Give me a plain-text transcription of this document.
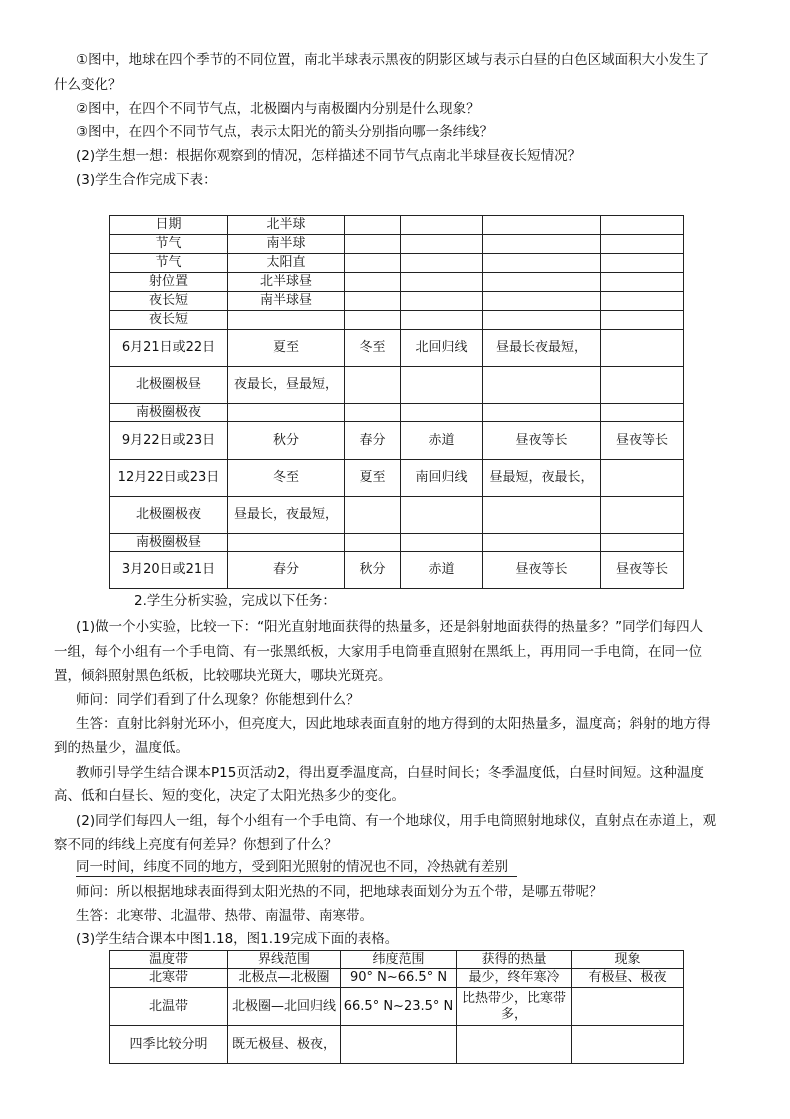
①图中，地球在四个季节的不同位置，南北半球表示黑夜的阴影区域与表示白昼的白色区域面积大小发生了
什么变化？
②图中，在四个不同节气点，北极圈内与南极圈内分别是什么现象？
③图中，在四个不同节气点，表示太阳光的箭头分别指向哪一条纬线？
(2)学生想一想：根据你观察到的情况，怎样描述不同节气点南北半球昼夜长短情况？
(3)学生合作完成下表：
日期	北半球				
节气	南半球				
节气	太阳直				
射位置	北半球昼				
夜长短	南半球昼				
夜长短					
6月21日或22日	夏至	冬至	北回归线	昼最长夜最短，	
北极圈极昼	夜最长，昼最短，				
南极圈极夜					
9月22日或23日	秋分	春分	赤道	昼夜等长	昼夜等长
12月22日或23日	冬至	夏至	南回归线	昼最短，夜最长，	
北极圈极夜	昼最长，夜最短，				
南极圈极昼					
3月20日或21日	春分	秋分	赤道	昼夜等长	昼夜等长
2.学生分析实验，完成以下任务：
(1)做一个小实验，比较一下：“阳光直射地面获得的热量多，还是斜射地面获得的热量多？”同学们每四人
一组，每个小组有一个手电筒、有一张黑纸板，大家用手电筒垂直照射在黑纸上，再用同一手电筒，在同一位
置，倾斜照射黑色纸板，比较哪块光斑大，哪块光斑亮。
师问：同学们看到了什么现象？你能想到什么？
生答：直射比斜射光环小，但亮度大，因此地球表面直射的地方得到的太阳热量多，温度高；斜射的地方得
到的热量少，温度低。
教师引导学生结合课本P15页活动2，得出夏季温度高，白昼时间长；冬季温度低，白昼时间短。这种温度
高、低和白昼长、短的变化，决定了太阳光热多少的变化。
(2)同学们每四人一组，每个小组有一个手电筒、有一个地球仪，用手电筒照射地球仪，直射点在赤道上，观
察不同的纬线上亮度有何差异？你想到了什么？
同一时间，纬度不同的地方，受到阳光照射的情况也不同，冷热就有差别
师问：所以根据地球表面得到太阳光热的不同，把地球表面划分为五个带，是哪五带呢？
生答：北寒带、北温带、热带、南温带、南寒带。
(3)学生结合课本中图1.18，图1.19完成下面的表格。
温度带	界线范围	纬度范围	获得的热量	现象
北寒带	北极点—北极圈	90° N~66.5° N	最少，终年寒冷	有极昼、极夜
北温带	北极圈—北回归线	66.5° N~23.5° N	比热带少，比寒带多，	
四季比较分明	既无极昼、极夜，			
